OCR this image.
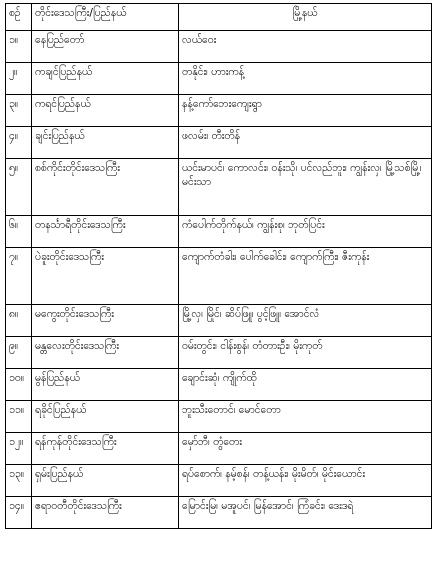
စဉ်	တိုင်းဒေသကြီး/ပြည်နယ်	မြို့နယ်
၁။	နေပြည်တော်	လယ်ဝေး
၂။	ကချင်ပြည်နယ်	တနိုင်း၊ ဟားကန့်
၃။	ကရင်ပြည်နယ်	နန့်ကော်ဘေးကျေးရွာ
၄။	ချင်းပြည်နယ်	ဖလမ်း၊ တီးတိန်
၅။	စစ်ကိုင်းတိုင်းဒေသကြီး	ယင်းမာပင်၊ ကောလင်း၊ ဝန်းသို၊ ပင်လည်ဘူး၊ ကျွန်းလှ၊ မြို့သစ်မြို့၊ မင်းသာ
၆။	တနင်္သာရီတိုင်းဒေသကြီး	ကံပေါက်တိုက်နယ်၊ ကျွန်းစု၊ ဘုတ်ပြင်း
၇။	ပဲခူးတိုင်းဒေသကြီး	ကျောက်တံခါး၊ ပေါက်ခေါင်း၊ ကျောက်ကြီး၊ ဇီးကုန်း
၈။	မကွေးတိုင်းဒေသကြီး	မြို့လှ၊ မြိုင်၊ ဆိပ်ဖြူ၊ ပွင့်ဖြူ၊ အောင်လံ
၉။	မန္တလေးတိုင်းဒေသကြီး	ဝမ်းတွင်း၊ ငါန်းစွန်၊ တံတားဦး၊ မိုးကုတ်
၁၀။	မွန်ပြည်နယ်	ချောင်းဆုံ၊ ကျိုက်ထို
၁၁။	ရခိုင်ပြည်နယ်	ဘူးသီးတောင်၊ မောင်တော
၁၂။	ရန်ကုန်တိုင်းဒေသကြီး	မှော်ဘီ၊ တွံတေး
၁၃။	ရှမ်းပြည်နယ်	ရပ်စောက်၊ နမ့်စန်၊ တန့်ယန်း၊ မိုးမိတ်၊ မိုင်းယောင်း
၁၄။	ဧရာဝတီတိုင်းဒေသကြီး	မြောင်းမြ၊ မအူပင်၊ မြန်အောင်၊ ကြံခင်း၊ ဒေးဒရဲ
